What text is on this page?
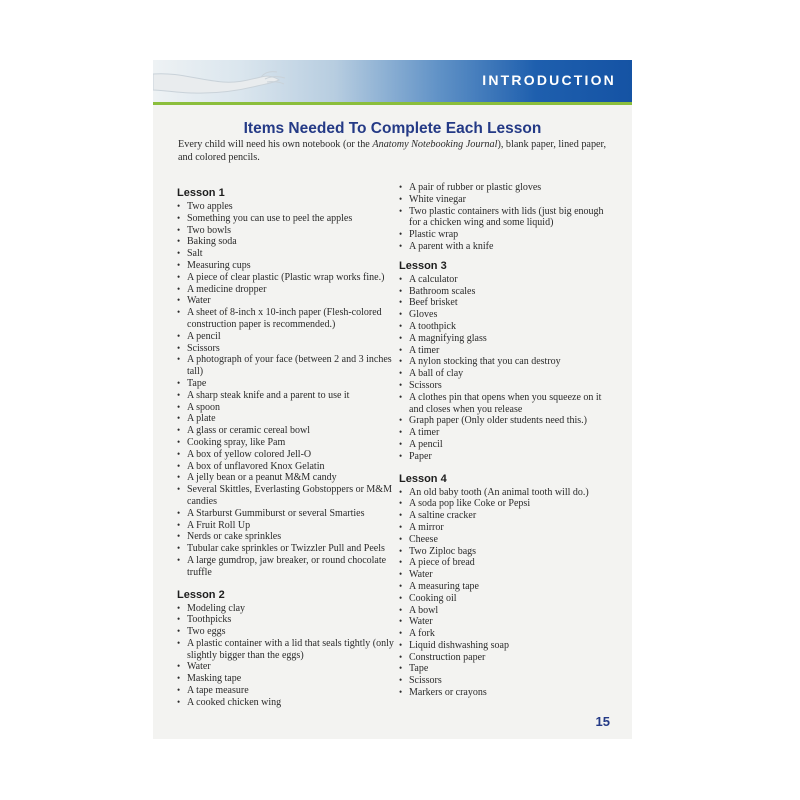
INTRODUCTION
Items Needed To Complete Each Lesson
Every child will need his own notebook (or the Anatomy Notebooking Journal), blank paper, lined paper, and colored pencils.
Lesson 1
• Two apples
• Something you can use to peel the apples
• Two bowls
• Baking soda
• Salt
• Measuring cups
• A piece of clear plastic (Plastic wrap works fine.)
• A medicine dropper
• Water
• A sheet of 8-inch x 10-inch paper (Flesh-colored construction paper is recommended.)
• A pencil
• Scissors
• A photograph of your face (between 2 and 3 inches tall)
• Tape
• A sharp steak knife and a parent to use it
• A spoon
• A plate
• A glass or ceramic cereal bowl
• Cooking spray, like Pam
• A box of yellow colored Jell-O
• A box of unflavored Knox Gelatin
• A jelly bean or a peanut M&M candy
• Several Skittles, Everlasting Gobstoppers or M&M candies
• A Starburst Gummiburst or several Smarties
• A Fruit Roll Up
• Nerds or cake sprinkles
• Tubular cake sprinkles or Twizzler Pull and Peels
• A large gumdrop, jaw breaker, or round chocolate truffle
Lesson 2
• Modeling clay
• Toothpicks
• Two eggs
• A plastic container with a lid that seals tightly (only slightly bigger than the eggs)
• Water
• Masking tape
• A tape measure
• A cooked chicken wing
• A pair of rubber or plastic gloves
• White vinegar
• Two plastic containers with lids (just big enough for a chicken wing and some liquid)
• Plastic wrap
• A parent with a knife
Lesson 3
• A calculator
• Bathroom scales
• Beef brisket
• Gloves
• A toothpick
• A magnifying glass
• A timer
• A nylon stocking that you can destroy
• A ball of clay
• Scissors
• A clothes pin that opens when you squeeze on it and closes when you release
• Graph paper (Only older students need this.)
• A timer
• A pencil
• Paper
Lesson 4
• An old baby tooth (An animal tooth will do.)
• A soda pop like Coke or Pepsi
• A saltine cracker
• A mirror
• Cheese
• Two Ziploc bags
• A piece of bread
• Water
• A measuring tape
• Cooking oil
• A bowl
• Water
• A fork
• Liquid dishwashing soap
• Construction paper
• Tape
• Scissors
• Markers or crayons
15
